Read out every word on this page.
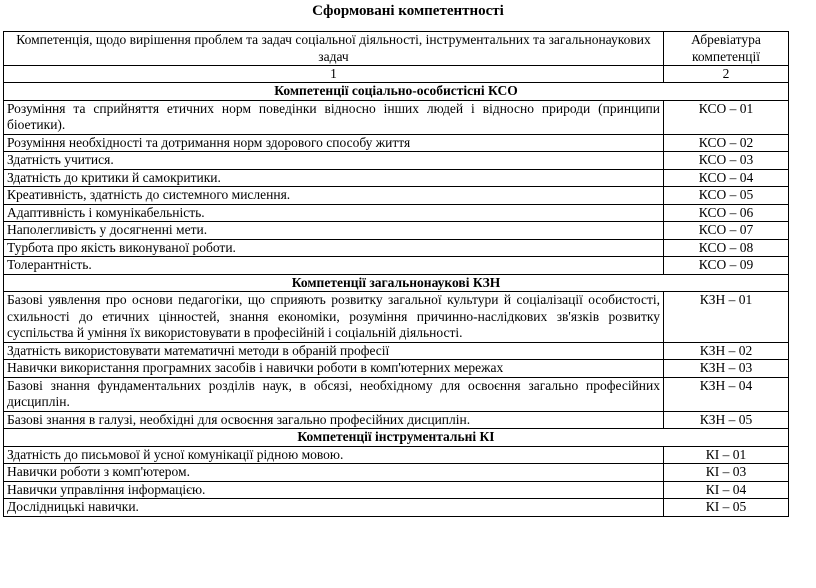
Сформовані компетентності
Компетенція, щодо вирішення проблем та задач соціальної діяльності, інструментальних та загальнонаукових задач	Абревіатура компетенції
1	2
Компетенції соціально-особистісні КСО	
Розуміння та сприйняття етичних норм поведінки відносно інших людей і відносно природи (принципи біоетики).	КСО – 01
Розуміння необхідності та дотримання норм здорового способу життя	КСО – 02
Здатність учитися.	КСО – 03
Здатність до критики й самокритики.	КСО – 04
Креативність, здатність до системного мислення.	КСО – 05
Адаптивність і комунікабельність.	КСО – 06
Наполегливість у досягненні мети.	КСО – 07
Турбота про якість виконуваної роботи.	КСО – 08
Толерантність.	КСО – 09
Компетенції загальнонаукові КЗН	
Базові уявлення про основи педагогіки, що сприяють розвитку загальної культури й соціалізації особистості, схильності до етичних цінностей, знання економіки, розуміння причинно-наслідкових зв'язків розвитку суспільства й уміння їх використовувати в професійній і соціальній діяльності.	КЗН – 01
Здатність використовувати математичні методи в обраній професії	КЗН – 02
Навички використання програмних засобів і навички роботи в комп'ютерних мережах	КЗН – 03
Базові знання фундаментальних розділів наук, в обсязі, необхідному для освоєння загально професійних дисциплін.	КЗН – 04
Базові знання в галузі, необхідні для освоєння загально професійних дисциплін.	КЗН – 05
Компетенції інструментальні КІ	
Здатність до письмової й усної комунікації рідною мовою.	КІ – 01
Навички роботи з комп'ютером.	КІ – 03
Навички управління інформацією.	КІ – 04
Дослідницькі навички.	КІ – 05
